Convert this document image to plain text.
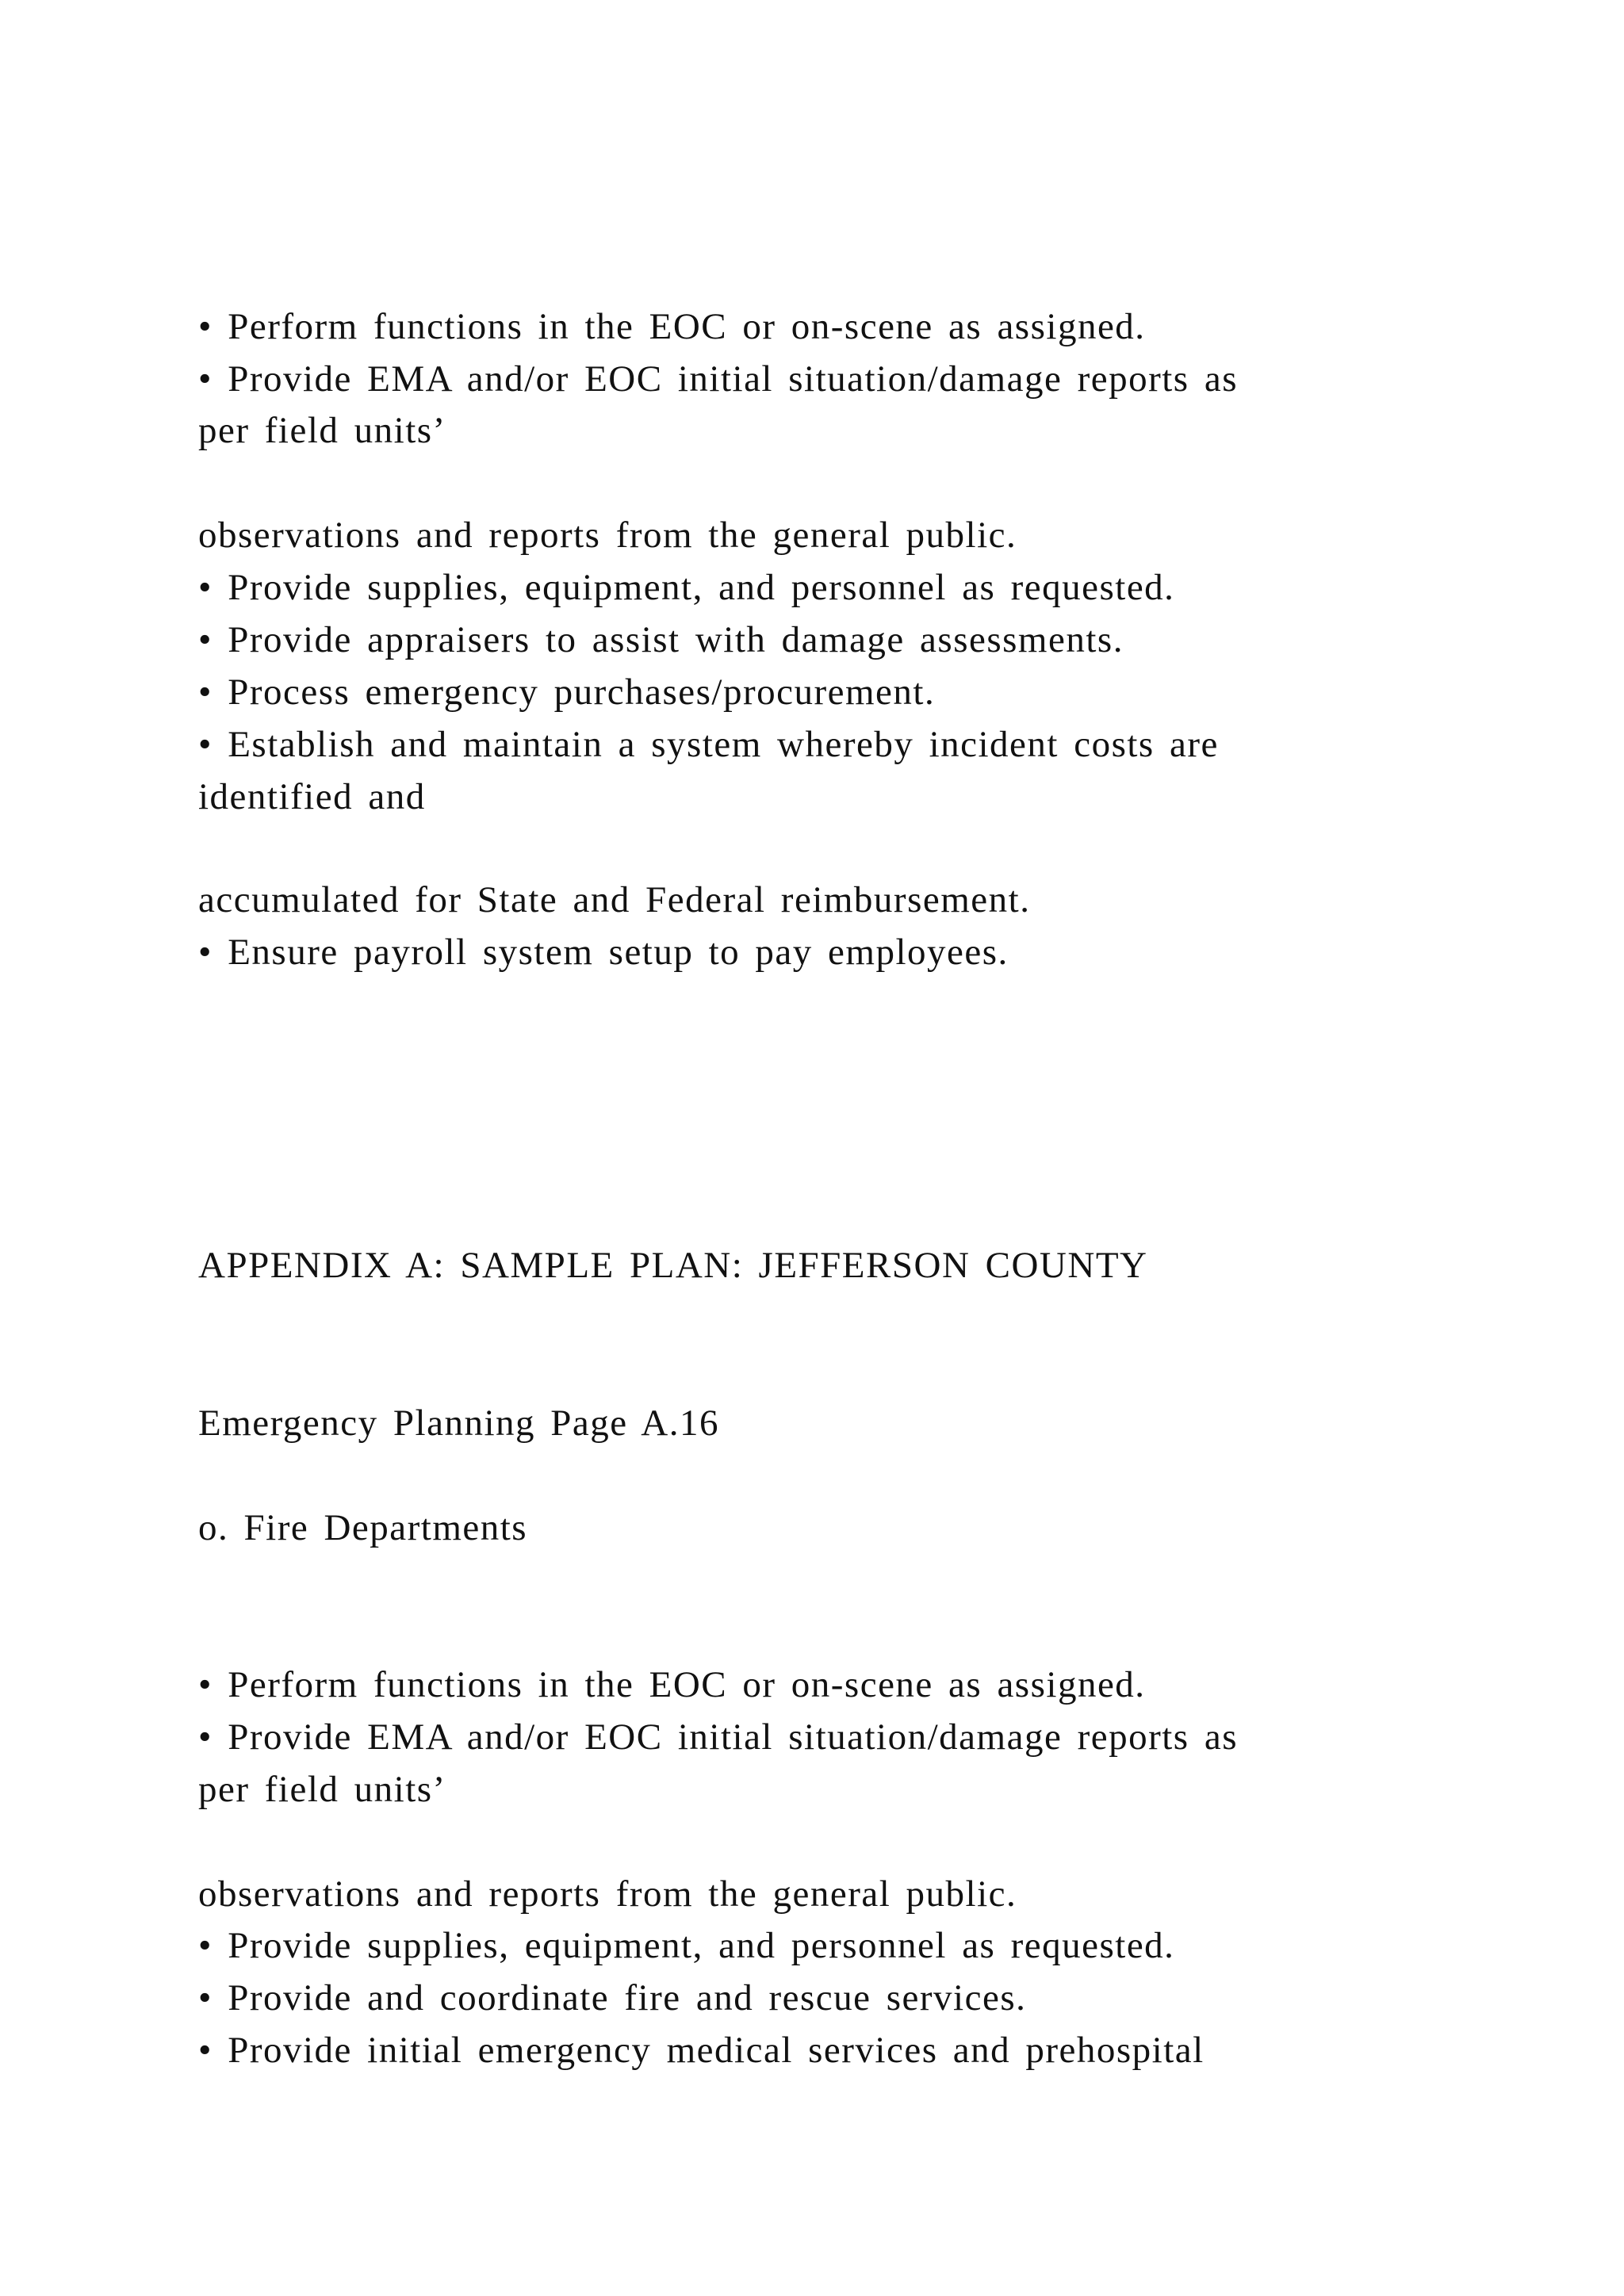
• Perform functions in the EOC or on-scene as assigned.
• Provide EMA and/or EOC initial situation/damage reports as
per field units’
observations and reports from the general public.
• Provide supplies, equipment, and personnel as requested.
• Provide appraisers to assist with damage assessments.
• Process emergency purchases/procurement.
• Establish and maintain a system whereby incident costs are
identified and
accumulated for State and Federal reimbursement.
• Ensure payroll system setup to pay employees.
APPENDIX A: SAMPLE PLAN: JEFFERSON COUNTY
Emergency Planning Page A.16
o. Fire Departments
• Perform functions in the EOC or on-scene as assigned.
• Provide EMA and/or EOC initial situation/damage reports as
per field units’
observations and reports from the general public.
• Provide supplies, equipment, and personnel as requested.
• Provide and coordinate fire and rescue services.
• Provide initial emergency medical services and prehospital
